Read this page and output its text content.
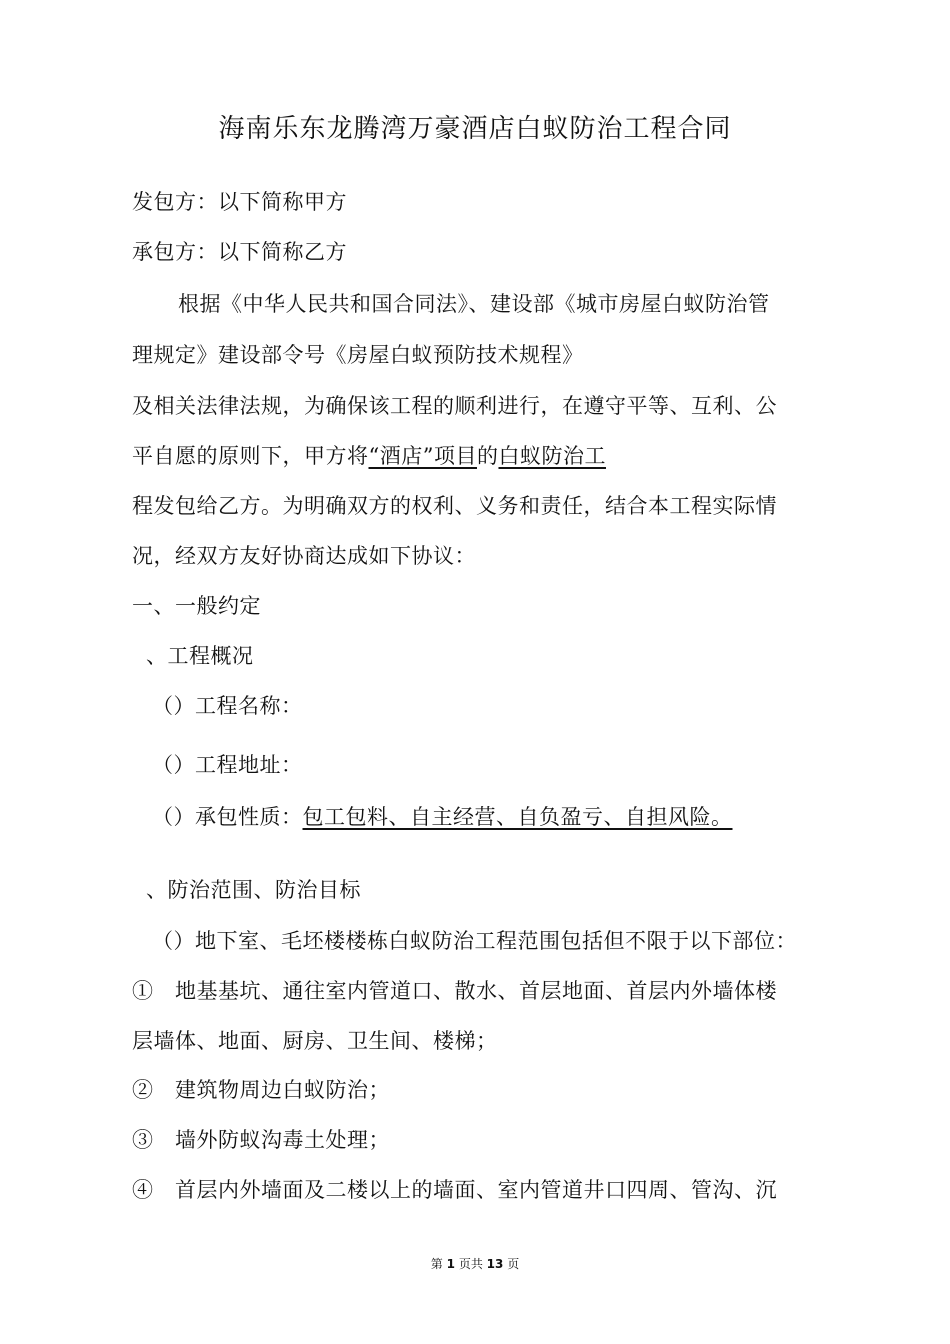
海南乐东龙腾湾万豪酒店白蚁防治工程合同
发包方：以下简称甲方
承包方：以下简称乙方
根据《中华人民共和国合同法》、建设部《城市房屋白蚁防治管
理规定》建设部令号《房屋白蚁预防技术规程》
及相关法律法规，为确保该工程的顺利进行，在遵守平等、互利、公
平自愿的原则下，甲方将“酒店”项目的白蚁防治工
程发包给乙方。为明确双方的权利、义务和责任，结合本工程实际情
况，经双方友好协商达成如下协议：
一、一般约定
、工程概况
（）工程名称：
（）工程地址：
（）承包性质：包工包料、自主经营、自负盈亏、自担风险。
、防治范围、防治目标
（）地下室、毛坯楼楼栋白蚁防治工程范围包括但不限于以下部位：
①　地基基坑、通往室内管道口、散水、首层地面、首层内外墙体楼
层墙体、地面、厨房、卫生间、楼梯；
②　建筑物周边白蚁防治；
③　墙外防蚁沟毒土处理；
④　首层内外墙面及二楼以上的墙面、室内管道井口四周、管沟、沉
第 1 页共 13 页
